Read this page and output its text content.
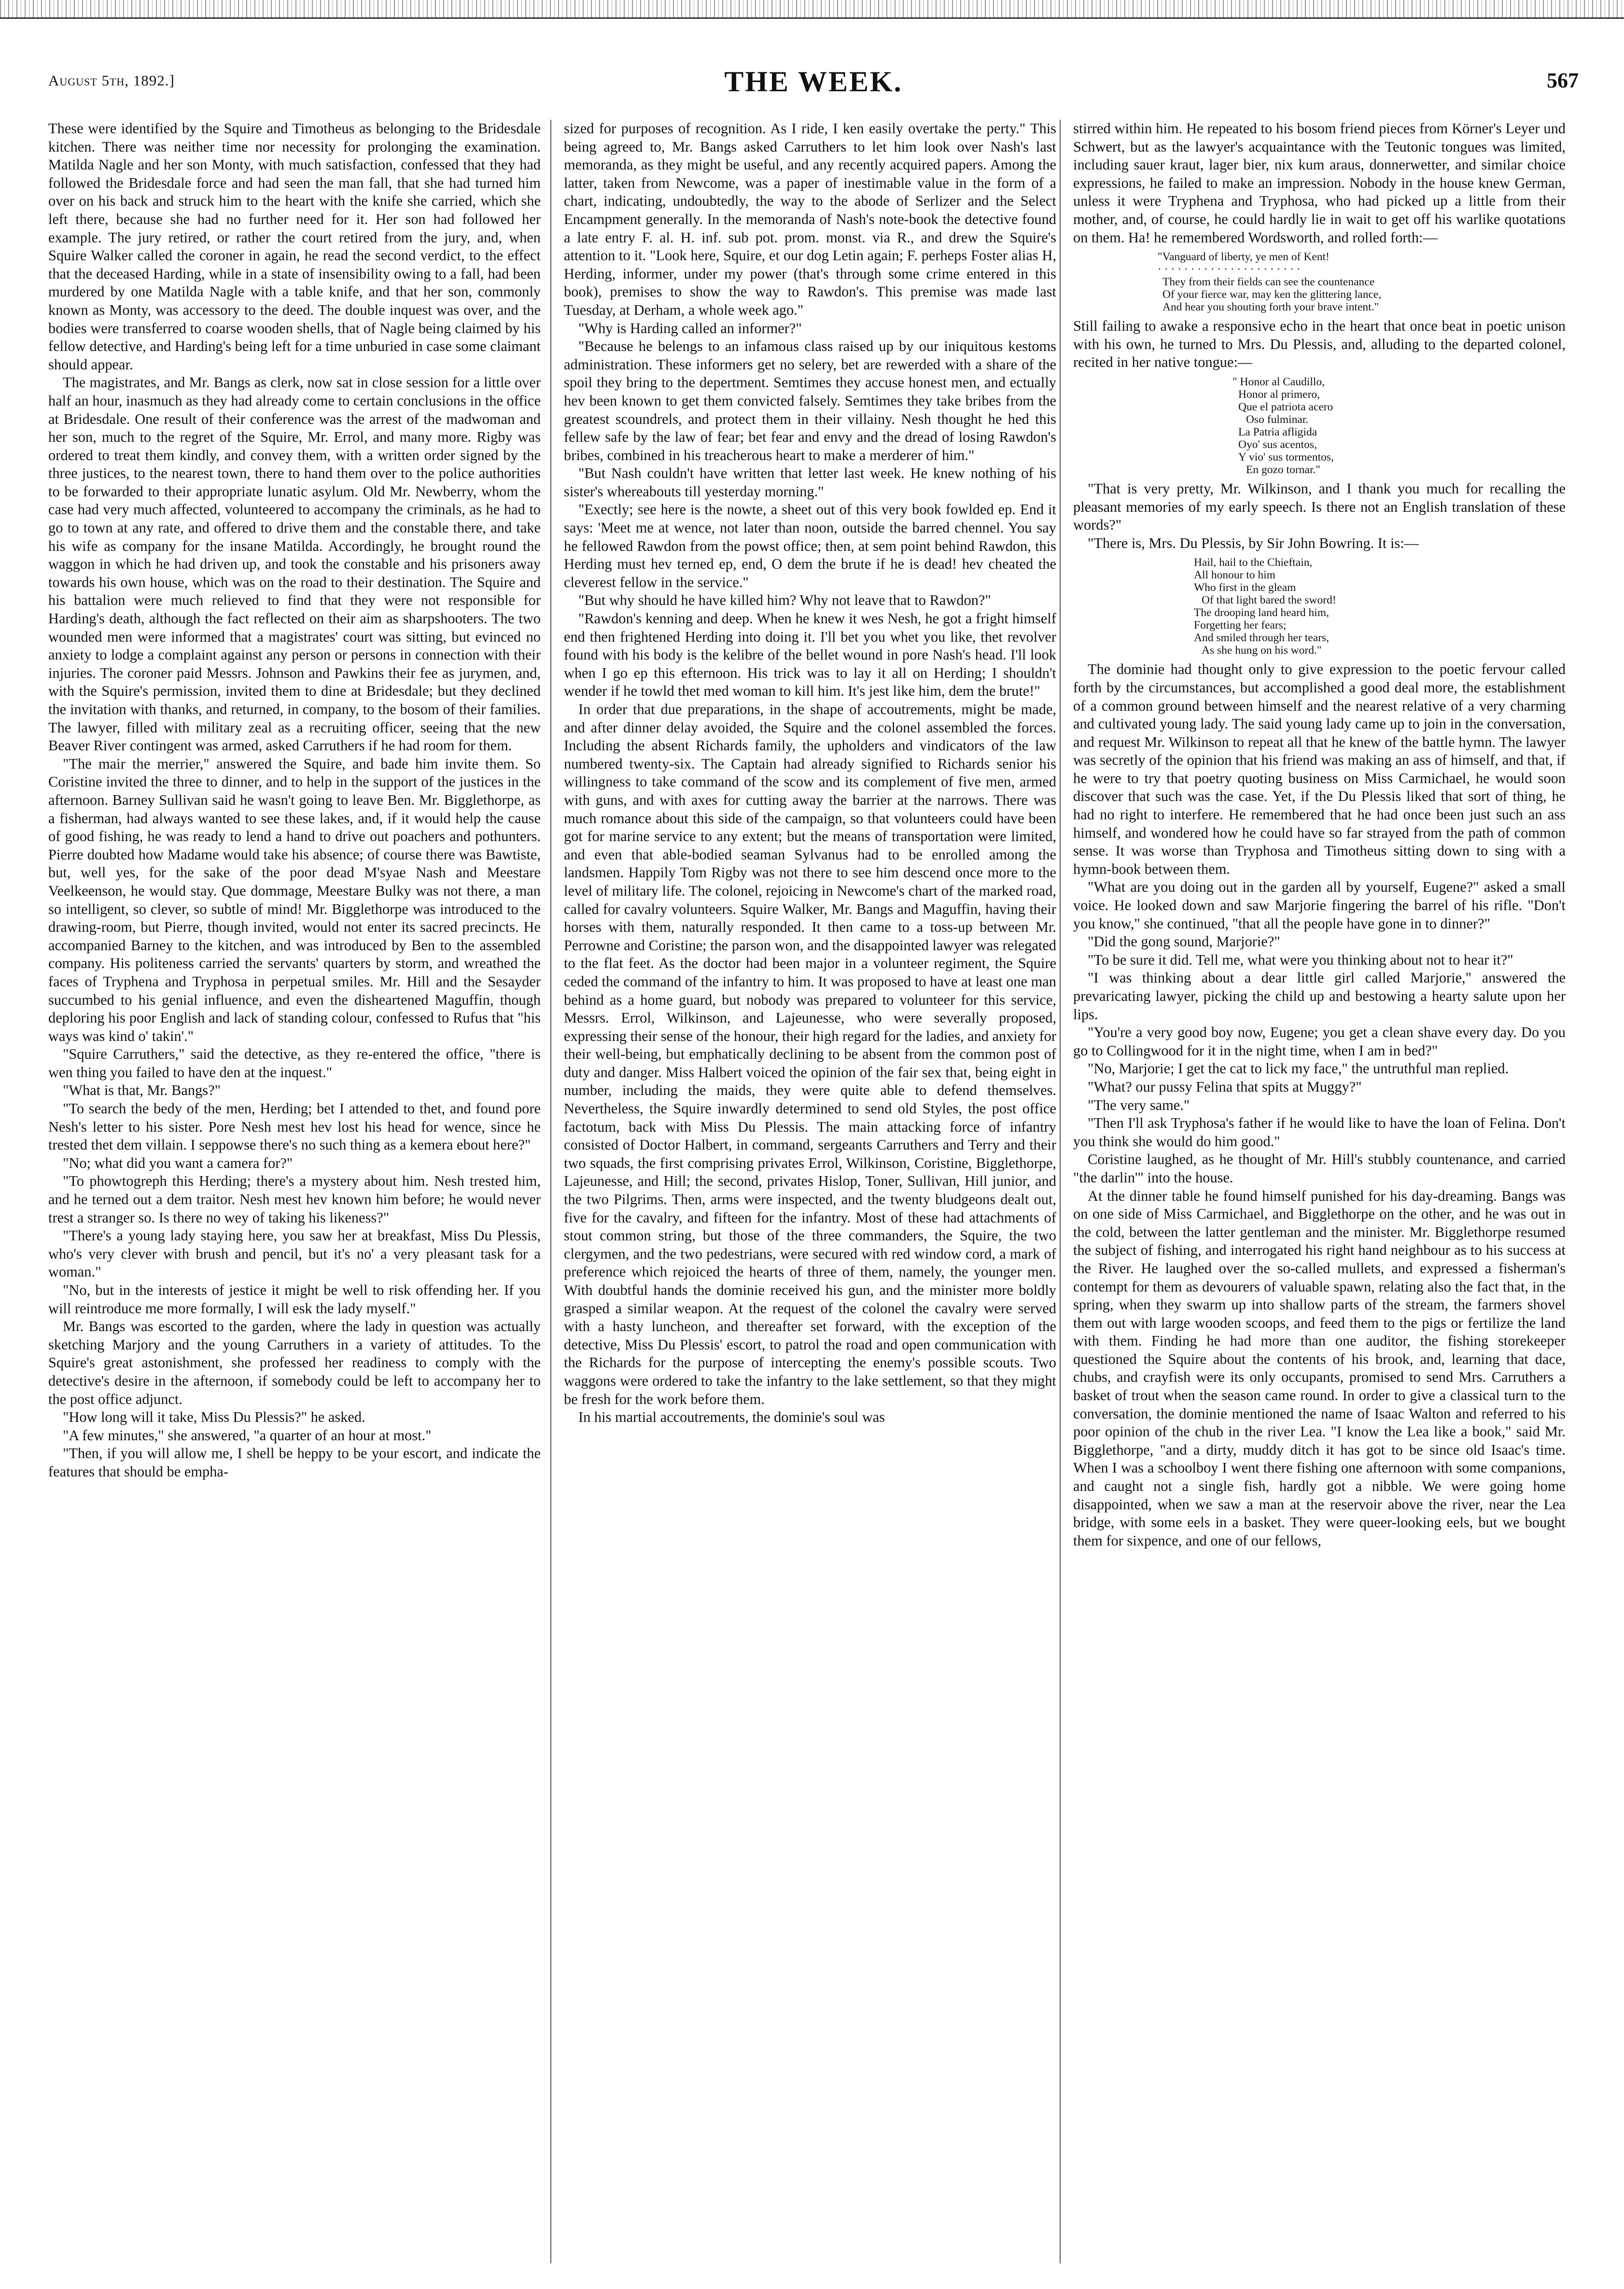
August 5th, 1892.]	THE WEEK.	567

These were identified by the Squire and Timotheus as belonging to the Bridesdale kitchen. There was neither time nor necessity for prolonging the examination. Matilda Nagle and her son Monty, with much satisfaction, confessed that they had followed the Bridesdale force and had seen the man fall, that she had turned him over on his back and struck him to the heart with the knife she carried, which she left there, because she had no further need for it. Her son had followed her example. The jury retired, or rather the court retired from the jury, and, when Squire Walker called the coroner in again, he read the second verdict, to the effect that the deceased Harding, while in a state of insensibility owing to a fall, had been murdered by one Matilda Nagle with a table knife, and that her son, commonly known as Monty, was accessory to the deed. The double inquest was over, and the bodies were transferred to coarse wooden shells, that of Nagle being claimed by his fellow detective, and Harding's being left for a time unburied in case some claimant should appear.

The magistrates, and Mr. Bangs as clerk, now sat in close session for a little over half an hour, inasmuch as they had already come to certain conclusions in the office at Bridesdale. One result of their conference was the arrest of the madwoman and her son, much to the regret of the Squire, Mr. Errol, and many more. Rigby was ordered to treat them kindly, and convey them, with a written order signed by the three justices, to the nearest town, there to hand them over to the police authorities to be forwarded to their appropriate lunatic asylum. Old Mr. Newberry, whom the case had very much affected, volunteered to accompany the criminals, as he had to go to town at any rate, and offered to drive them and the constable there, and take his wife as company for the insane Matilda. Accordingly, he brought round the waggon in which he had driven up, and took the constable and his prisoners away towards his own house, which was on the road to their destination. The Squire and his battalion were much relieved to find that they were not responsible for Harding's death, although the fact reflected on their aim as sharpshooters. The two wounded men were informed that a magistrates' court was sitting, but evinced no anxiety to lodge a complaint against any person or persons in connection with their injuries. The coroner paid Messrs. Johnson and Pawkins their fee as jurymen, and, with the Squire's permission, invited them to dine at Bridesdale; but they declined the invitation with thanks, and returned, in company, to the bosom of their families. The lawyer, filled with military zeal as a recruiting officer, seeing that the new Beaver River contingent was armed, asked Carruthers if he had room for them.

"The mair the merrier," answered the Squire, and bade him invite them. So Coristine invited the three to dinner, and to help in the support of the justices in the afternoon. Barney Sullivan said he wasn't going to leave Ben. Mr. Bigglethorpe, as a fisherman, had always wanted to see these lakes, and, if it would help the cause of good fishing, he was ready to lend a hand to drive out poachers and pothunters. Pierre doubted how Madame would take his absence; of course there was Bawtiste, but, well yes, for the sake of the poor dead M'syae Nash and Meestare Veelkeenson, he would stay. Que dommage, Meestare Bulky was not there, a man so intelligent, so clever, so subtle of mind! Mr. Bigglethorpe was introduced to the drawing-room, but Pierre, though invited, would not enter its sacred precincts. He accompanied Barney to the kitchen, and was introduced by Ben to the assembled company. His politeness carried the servants' quarters by storm, and wreathed the faces of Tryphena and Tryphosa in perpetual smiles. Mr. Hill and the Sesayder succumbed to his genial influence, and even the disheartened Maguffin, though deploring his poor English and lack of standing colour, confessed to Rufus that "his ways was kind o' takin'."

"Squire Carruthers," said the detective, as they re-entered the office, "there is wen thing you failed to have den at the inquest."

"What is that, Mr. Bangs?"

"To search the bedy of the men, Herding; bet I attended to thet, and found pore Nesh's letter to his sister. Pore Nesh mest hev lost his head for wence, since he trested thet dem villain. I seppowse there's no such thing as a kemera ebout here?"

"No; what did you want a camera for?"

"To phowtogreph this Herding; there's a mystery about him. Nesh trested him, and he terned out a dem traitor. Nesh mest hev known him before; he would never trest a stranger so. Is there no wey of taking his likeness?"

"There's a young lady staying here, you saw her at breakfast, Miss Du Plessis, who's very clever with brush and pencil, but it's no' a very pleasant task for a woman."

"No, but in the interests of jestice it might be well to risk offending her. If you will reintroduce me more formally, I will esk the lady myself."

Mr. Bangs was escorted to the garden, where the lady in question was actually sketching Marjory and the young Carruthers in a variety of attitudes. To the Squire's great astonishment, she professed her readiness to comply with the detective's desire in the afternoon, if somebody could be left to accompany her to the post office adjunct.

"How long will it take, Miss Du Plessis?" he asked.

"A few minutes," she answered, "a quarter of an hour at most."

"Then, if you will allow me, I shell be heppy to be your escort, and indicate the features that should be empha-

sized for purposes of recognition. As I ride, I ken easily overtake the perty." This being agreed to, Mr. Bangs asked Carruthers to let him look over Nash's last memoranda, as they might be useful, and any recently acquired papers. Among the latter, taken from Newcome, was a paper of inestimable value in the form of a chart, indicating, undoubtedly, the way to the abode of Serlizer and the Select Encampment generally. In the memoranda of Nash's note-book the detective found a late entry F. al. H. inf. sub pot. prom. monst. via R., and drew the Squire's attention to it. "Look here, Squire, et our dog Letin again; F. perheps Foster alias H, Herding, informer, under my power (that's through some crime entered in this book), premises to show the way to Rawdon's. This premise was made last Tuesday, at Derham, a whole week ago."

"Why is Harding called an informer?"

"Because he belengs to an infamous class raised up by our iniquitous kestoms administration. These informers get no selery, bet are rewerded with a share of the spoil they bring to the depertment. Semtimes they accuse honest men, and ectually hev been known to get them convicted falsely. Semtimes they take bribes from the greatest scoundrels, and protect them in their villainy. Nesh thought he hed this fellew safe by the law of fear; bet fear and envy and the dread of losing Rawdon's bribes, combined in his treacherous heart to make a merderer of him."

"But Nash couldn't have written that letter last week. He knew nothing of his sister's whereabouts till yesterday morning."

"Exectly; see here is the nowte, a sheet out of this very book fowlded ep. End it says: 'Meet me at wence, not later than noon, outside the barred chennel. You say he fellowed Rawdon from the powst office; then, at sem point behind Rawdon, this Herding must hev terned ep, end, O dem the brute if he is dead! hev cheated the cleverest fellow in the service."

"But why should he have killed him? Why not leave that to Rawdon?"

"Rawdon's kenning and deep. When he knew it wes Nesh, he got a fright himself end then frightened Herding into doing it. I'll bet you whet you like, thet revolver found with his body is the kelibre of the bellet wound in pore Nash's head. I'll look when I go ep this efternoon. His trick was to lay it all on Herding; I shouldn't wender if he towld thet med woman to kill him. It's jest like him, dem the brute!"

In order that due preparations, in the shape of accoutrements, might be made, and after dinner delay avoided, the Squire and the colonel assembled the forces. Including the absent Richards family, the upholders and vindicators of the law numbered twenty-six. The Captain had already signified to Richards senior his willingness to take command of the scow and its complement of five men, armed with guns, and with axes for cutting away the barrier at the narrows. There was much romance about this side of the campaign, so that volunteers could have been got for marine service to any extent; but the means of transportation were limited, and even that able-bodied seaman Sylvanus had to be enrolled among the landsmen. Happily Tom Rigby was not there to see him descend once more to the level of military life. The colonel, rejoicing in Newcome's chart of the marked road, called for cavalry volunteers. Squire Walker, Mr. Bangs and Maguffin, having their horses with them, naturally responded. It then came to a toss-up between Mr. Perrowne and Coristine; the parson won, and the disappointed lawyer was relegated to the flat feet. As the doctor had been major in a volunteer regiment, the Squire ceded the command of the infantry to him. It was proposed to have at least one man behind as a home guard, but nobody was prepared to volunteer for this service, Messrs. Errol, Wilkinson, and Lajeunesse, who were severally proposed, expressing their sense of the honour, their high regard for the ladies, and anxiety for their well-being, but emphatically declining to be absent from the common post of duty and danger. Miss Halbert voiced the opinion of the fair sex that, being eight in number, including the maids, they were quite able to defend themselves. Nevertheless, the Squire inwardly determined to send old Styles, the post office factotum, back with Miss Du Plessis. The main attacking force of infantry consisted of Doctor Halbert, in command, sergeants Carruthers and Terry and their two squads, the first comprising privates Errol, Wilkinson, Coristine, Bigglethorpe, Lajeunesse, and Hill; the second, privates Hislop, Toner, Sullivan, Hill junior, and the two Pilgrims. Then, arms were inspected, and the twenty bludgeons dealt out, five for the cavalry, and fifteen for the infantry. Most of these had attachments of stout common string, but those of the three commanders, the Squire, the two clergymen, and the two pedestrians, were secured with red window cord, a mark of preference which rejoiced the hearts of three of them, namely, the younger men. With doubtful hands the dominie received his gun, and the minister more boldly grasped a similar weapon. At the request of the colonel the cavalry were served with a hasty luncheon, and thereafter set forward, with the exception of the detective, Miss Du Plessis' escort, to patrol the road and open communication with the Richards for the purpose of intercepting the enemy's possible scouts. Two waggons were ordered to take the infantry to the lake settlement, so that they might be fresh for the work before them.

In his martial accoutrements, the dominie's soul was

stirred within him. He repeated to his bosom friend pieces from Körner's Leyer und Schwert, but as the lawyer's acquaintance with the Teutonic tongues was limited, including sauer kraut, lager bier, nix kum araus, donnerwetter, and similar choice expressions, he failed to make an impression. Nobody in the house knew German, unless it were Tryphena and Tryphosa, who had picked up a little from their mother, and, of course, he could hardly lie in wait to get off his warlike quotations on them. Ha! he remembered Wordsworth, and rolled forth:—

"Vanguard of liberty, ye men of Kent!
· · · · · · · · · · · · · · · · · · · · · ·
They from their fields can see the countenance
Of your fierce war, may ken the glittering lance,
And hear you shouting forth your brave intent."

Still failing to awake a responsive echo in the heart that once beat in poetic unison with his own, he turned to Mrs. Du Plessis, and, alluding to the departed colonel, recited in her native tongue:—

" Honor al Caudillo,
Honor al primero,
Que el patriota acero
Oso fulminar.
La Patria afligida
Oyo' sus acentos,
Y vio' sus tormentos,
En gozo tornar."

"That is very pretty, Mr. Wilkinson, and I thank you much for recalling the pleasant memories of my early speech. Is there not an English translation of these words?"

"There is, Mrs. Du Plessis, by Sir John Bowring. It is:—

Hail, hail to the Chieftain,
All honour to him
Who first in the gleam
Of that light bared the sword!
The drooping land heard him,
Forgetting her fears;
And smiled through her tears,
As she hung on his word."

The dominie had thought only to give expression to the poetic fervour called forth by the circumstances, but accomplished a good deal more, the establishment of a common ground between himself and the nearest relative of a very charming and cultivated young lady. The said young lady came up to join in the conversation, and request Mr. Wilkinson to repeat all that he knew of the battle hymn. The lawyer was secretly of the opinion that his friend was making an ass of himself, and that, if he were to try that poetry quoting business on Miss Carmichael, he would soon discover that such was the case. Yet, if the Du Plessis liked that sort of thing, he had no right to interfere. He remembered that he had once been just such an ass himself, and wondered how he could have so far strayed from the path of common sense. It was worse than Tryphosa and Timotheus sitting down to sing with a hymn-book between them.

"What are you doing out in the garden all by yourself, Eugene?" asked a small voice. He looked down and saw Marjorie fingering the barrel of his rifle. "Don't you know," she continued, "that all the people have gone in to dinner?"

"Did the gong sound, Marjorie?"

"To be sure it did. Tell me, what were you thinking about not to hear it?"

"I was thinking about a dear little girl called Marjorie," answered the prevaricating lawyer, picking the child up and bestowing a hearty salute upon her lips.

"You're a very good boy now, Eugene; you get a clean shave every day. Do you go to Collingwood for it in the night time, when I am in bed?"

"No, Marjorie; I get the cat to lick my face," the untruthful man replied.

"What? our pussy Felina that spits at Muggy?"

"The very same."

"Then I'll ask Tryphosa's father if he would like to have the loan of Felina. Don't you think she would do him good."

Coristine laughed, as he thought of Mr. Hill's stubbly countenance, and carried "the darlin'" into the house.

At the dinner table he found himself punished for his day-dreaming. Bangs was on one side of Miss Carmichael, and Bigglethorpe on the other, and he was out in the cold, between the latter gentleman and the minister. Mr. Bigglethorpe resumed the subject of fishing, and interrogated his right hand neighbour as to his success at the River. He laughed over the so-called mullets, and expressed a fisherman's contempt for them as devourers of valuable spawn, relating also the fact that, in the spring, when they swarm up into shallow parts of the stream, the farmers shovel them out with large wooden scoops, and feed them to the pigs or fertilize the land with them. Finding he had more than one auditor, the fishing storekeeper questioned the Squire about the contents of his brook, and, learning that dace, chubs, and crayfish were its only occupants, promised to send Mrs. Carruthers a basket of trout when the season came round. In order to give a classical turn to the conversation, the dominie mentioned the name of Isaac Walton and referred to his poor opinion of the chub in the river Lea. "I know the Lea like a book," said Mr. Bigglethorpe, "and a dirty, muddy ditch it has got to be since old Isaac's time. When I was a schoolboy I went there fishing one afternoon with some companions, and caught not a single fish, hardly got a nibble. We were going home disappointed, when we saw a man at the reservoir above the river, near the Lea bridge, with some eels in a basket. They were queer-looking eels, but we bought them for sixpence, and one of our fellows,
